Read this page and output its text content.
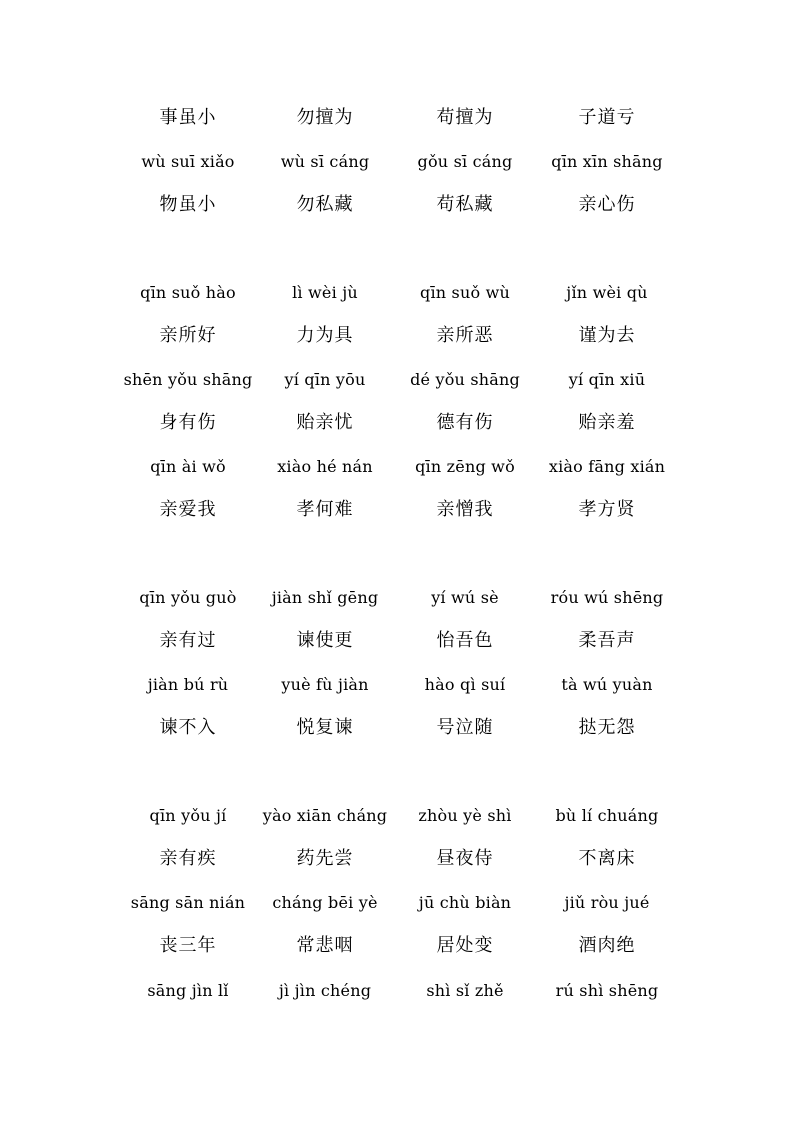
事虽小	勿擅为	苟擅为	子道亏
wù suī xiǎo	wù sī cáng	gǒu sī cáng	qīn xīn shāng
物虽小	勿私藏	苟私藏	亲心伤
qīn suǒ hào	lì wèi jù	qīn suǒ wù	jǐn wèi qù
亲所好	力为具	亲所恶	谨为去
shēn yǒu shāng	yí qīn yōu	dé yǒu shāng	yí qīn xiū
身有伤	贻亲忧	德有伤	贻亲羞
qīn ài wǒ	xiào hé nán	qīn zēng wǒ	xiào fāng xián
亲爱我	孝何难	亲憎我	孝方贤
qīn yǒu guò	jiàn shǐ gēng	yí wú sè	róu wú shēng
亲有过	谏使更	怡吾色	柔吾声
jiàn bú rù	yuè fù jiàn	hào qì suí	tà wú yuàn
谏不入	悦复谏	号泣随	挞无怨
qīn yǒu jí	yào xiān cháng	zhòu yè shì	bù lí chuáng
亲有疾	药先尝	昼夜侍	不离床
sāng sān nián	cháng bēi yè	jū chù biàn	jiǔ ròu jué
丧三年	常悲咽	居处变	酒肉绝
sāng jìn lǐ	jì jìn chéng	shì sǐ zhě	rú shì shēng
